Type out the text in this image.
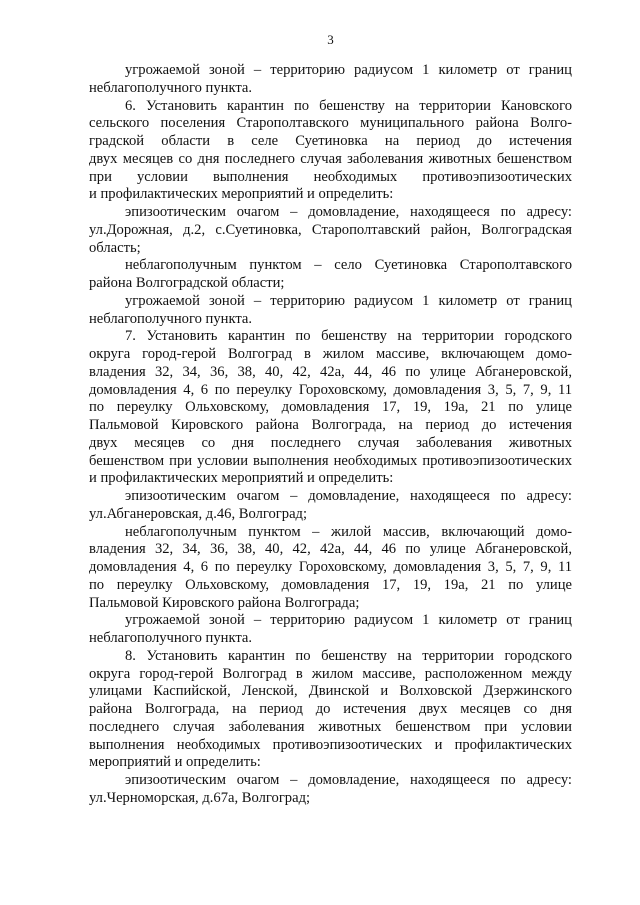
3
угрожаемой зоной – территорию радиусом 1 километр от границ
неблагополучного пункта.
6. Установить карантин по бешенству на территории Кановского
сельского поселения Старополтавского муниципального района Волго-
градской области в селе Суетиновка на период до истечения
двух месяцев со дня последнего случая заболевания животных бешенством
при условии выполнения необходимых противоэпизоотических
и профилактических мероприятий и определить:
эпизоотическим очагом – домовладение, находящееся по адресу:
ул.Дорожная, д.2, с.Суетиновка, Старополтавский район, Волгоградская
область;
неблагополучным пунктом – село Суетиновка Старополтавского
района Волгоградской области;
угрожаемой зоной – территорию радиусом 1 километр от границ
неблагополучного пункта.
7. Установить карантин по бешенству на территории городского
округа город-герой Волгоград в жилом массиве, включающем домо-
владения 32, 34, 36, 38, 40, 42, 42а, 44, 46 по улице Абганеровской,
домовладения 4, 6 по переулку Гороховскому, домовладения 3, 5, 7, 9, 11
по переулку Ольховскому, домовладения 17, 19, 19а, 21 по улице
Пальмовой Кировского района Волгограда, на период до истечения
двух месяцев со дня последнего случая заболевания животных
бешенством при условии выполнения необходимых противоэпизоотических
и профилактических мероприятий и определить:
эпизоотическим очагом – домовладение, находящееся по адресу:
ул.Абганеровская, д.46, Волгоград;
неблагополучным пунктом – жилой массив, включающий домо-
владения 32, 34, 36, 38, 40, 42, 42а, 44, 46 по улице Абганеровской,
домовладения 4, 6 по переулку Гороховскому, домовладения 3, 5, 7, 9, 11
по переулку Ольховскому, домовладения 17, 19, 19а, 21 по улице
Пальмовой Кировского района Волгограда;
угрожаемой зоной – территорию радиусом 1 километр от границ
неблагополучного пункта.
8. Установить карантин по бешенству на территории городского
округа город-герой Волгоград в жилом массиве, расположенном между
улицами Каспийской, Ленской, Двинской и Волховской Дзержинского
района Волгограда, на период до истечения двух месяцев со дня
последнего случая заболевания животных бешенством при условии
выполнения необходимых противоэпизоотических и профилактических
мероприятий и определить:
эпизоотическим очагом – домовладение, находящееся по адресу:
ул.Черноморская, д.67а, Волгоград;
